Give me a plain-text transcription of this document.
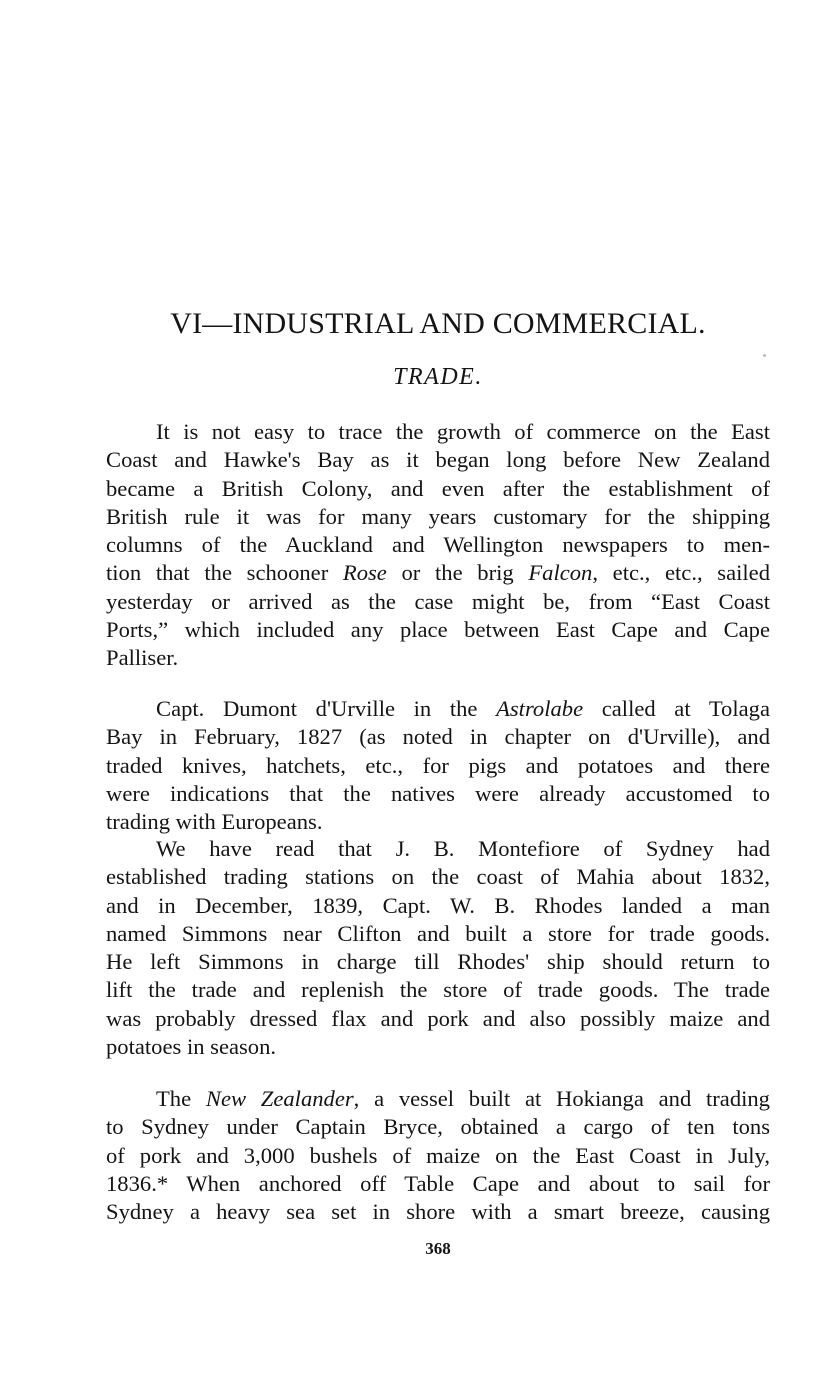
VI—INDUSTRIAL AND COMMERCIAL.
TRADE.
It is not easy to trace the growth of commerce on the East
Coast and Hawke's Bay as it began long before New Zealand
became a British Colony, and even after the establishment of
British rule it was for many years customary for the shipping
columns of the Auckland and Wellington newspapers to men-
tion that the schooner Rose or the brig Falcon, etc., etc., sailed
yesterday or arrived as the case might be, from “East Coast
Ports,” which included any place between East Cape and Cape
Palliser.
Capt. Dumont d'Urville in the Astrolabe called at Tolaga
Bay in February, 1827 (as noted in chapter on d'Urville), and
traded knives, hatchets, etc., for pigs and potatoes and there
were indications that the natives were already accustomed to
trading with Europeans.
We have read that J. B. Montefiore of Sydney had
established trading stations on the coast of Mahia about 1832,
and in December, 1839, Capt. W. B. Rhodes landed a man
named Simmons near Clifton and built a store for trade goods.
He left Simmons in charge till Rhodes' ship should return to
lift the trade and replenish the store of trade goods. The trade
was probably dressed flax and pork and also possibly maize and
potatoes in season.
The New Zealander, a vessel built at Hokianga and trading
to Sydney under Captain Bryce, obtained a cargo of ten tons
of pork and 3,000 bushels of maize on the East Coast in July,
1836.* When anchored off Table Cape and about to sail for
Sydney a heavy sea set in shore with a smart breeze, causing
368
